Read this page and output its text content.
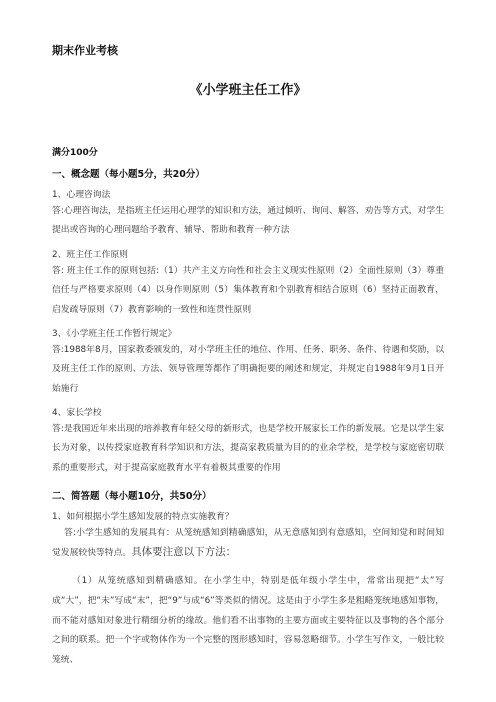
期末作业考核
《小学班主任工作》
满分100分
一、概念题（每小题5分，共20分）
1、心理咨询法
答:心理咨询法，是指班主任运用心理学的知识和方法，通过倾听、询问、解答、劝告等方式，对学生提出或咨询的心理问题给予教育、辅导、帮助和教育一种方法
2、班主任工作原则
答: 班主任工作的原则包括:（1）共产主义方向性和社会主义现实性原则（2）全面性原则（3）尊重信任与严格要求原则（4）以身作则原则（5）集体教育和个别教育相结合原则（6）坚持正面教育，启发疏导原则（7）教育影响的一致性和连贯性原则
3、《小学班主任工作暂行规定》
答:1988年8月，国家教委颁发的，对小学班主任的地位、作用、任务、职务、条件、待遇和奖励，以及班主任工作的原则、方法、领导管理等都作了明确扼要的阐述和规定，并规定自1988年9月1日开始施行
4、家长学校
答:是我国近年来出现的培养教育年轻父母的新形式，也是学校开展家长工作的新发展。它是以学生家长为对象，以传授家庭教育科学知识和方法，提高家教质量为目的的业余学校，是学校与家庭密切联系的重要形式，对于提高家庭教育水平有着极其重要的作用
二、简答题（每小题10分，共50分）
1、如何根据小学生感知发展的特点实施教育？
答:小学生感知的发展具有：从笼统感知到精确感知，从无意感知到有意感知，空间知觉和时间知觉发展较快等特点。具体要注意以下方法：
（1）从笼统感知到精确感知。在小学生中，特别是低年级小学生中，常常出现把“太”写成“大”，把“未”写成“末”，把“9”与成“6”等类似的情况。这是由于小学生多是粗略笼统地感知事物，而不能对感知对象进行精细分析的缘故。他们看不出事物的主要方面或主要特征以及事物的各个部分之间的联系。把一个字或物体作为一个完整的图形感知时，容易忽略细节。小学生写作文，一般比较笼统、
